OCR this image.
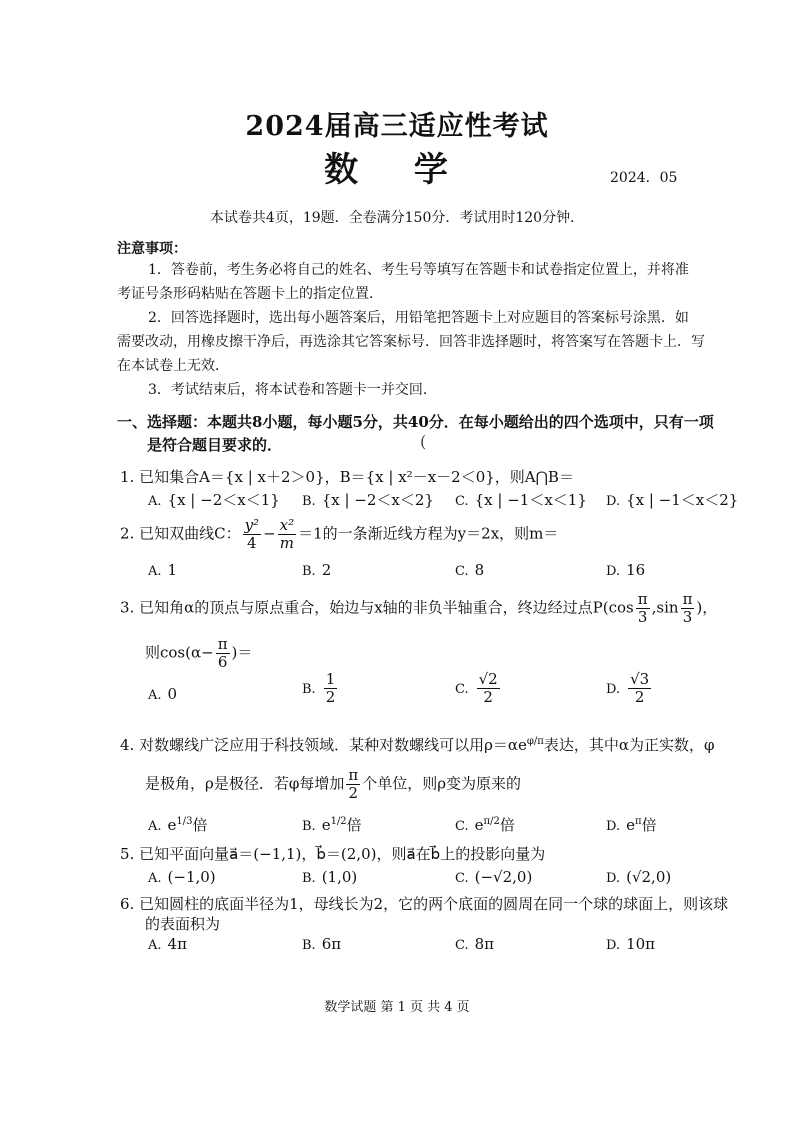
2024届高三适应性考试
数 学	2024．05
本试卷共4页，19题．全卷满分150分．考试用时120分钟．
注意事项：
1．答卷前，考生务必将自己的姓名、考生号等填写在答题卡和试卷指定位置上，并将准
考证号条形码粘贴在答题卡上的指定位置．
2．回答选择题时，选出每小题答案后，用铅笔把答题卡上对应题目的答案标号涂黑．如
需要改动，用橡皮擦干净后，再选涂其它答案标号．回答非选择题时，将答案写在答题卡上．写
在本试卷上无效．
3．考试结束后，将本试卷和答题卡一并交回．
一、选择题：本题共8小题，每小题5分，共40分．在每小题给出的四个选项中，只有一项
是符合题目要求的．	(
1. 已知集合A＝{x | x＋2＞0}，B＝{x | x²－x－2＜0}，则A⋂B＝
A. {x | −2＜x＜1} B. {x | −2＜x＜2} C. {x | −1＜x＜1} D. {x | −1＜x＜2}
2. 已知双曲线C： $\frac{\text{y²}}{4} - \frac{\text{x²}}{m} =1$的一条渐近线方程为y＝2x，则m＝
A. 1	B. 2	C. 8	D. 16
3. 已知角α的顶点与原点重合，始边与x轴的非负半轴重合，终边经过点$P(\cos \frac{\pi}{3} ,\sin \frac{\pi}{3}$ )，
则$\cos(\alpha- \frac{\pi}{6}$ )＝
A. 0	B. $\frac{1}{2}$	C. $\frac{√2}{2}$	D. $\frac{√3}{2}$
4. 对数螺线广泛应用于科技领域．某种对数螺线可以用$\rho=\alpha e^{\varphi/\pi}$表达，其中α为正实数，φ
是极角，ρ是极径．若φ每增加 $\frac{\pi}{2}$ 个单位，则ρ变为原来的
A. $e^{1/3}$倍	B. $e^{1/2}$倍	C. $e^{\pi/2}$倍	D. $e^\pi$倍
5. 已知平面向量a⃗＝(−1,1)，b⃗＝(2,0)，则a⃗在b⃗上的投影向量为
A. (−1,0)	B. (1,0)	C. (−√2,0)	D. (√2,0)
6. 已知圆柱的底面半径为1，母线长为2，它的两个底面的圆周在同一个球的球面上，则该球
的表面积为
A. 4π	B. 6π	C. 8π	D. 10π
数学试题 第 1 页 共 4 页
